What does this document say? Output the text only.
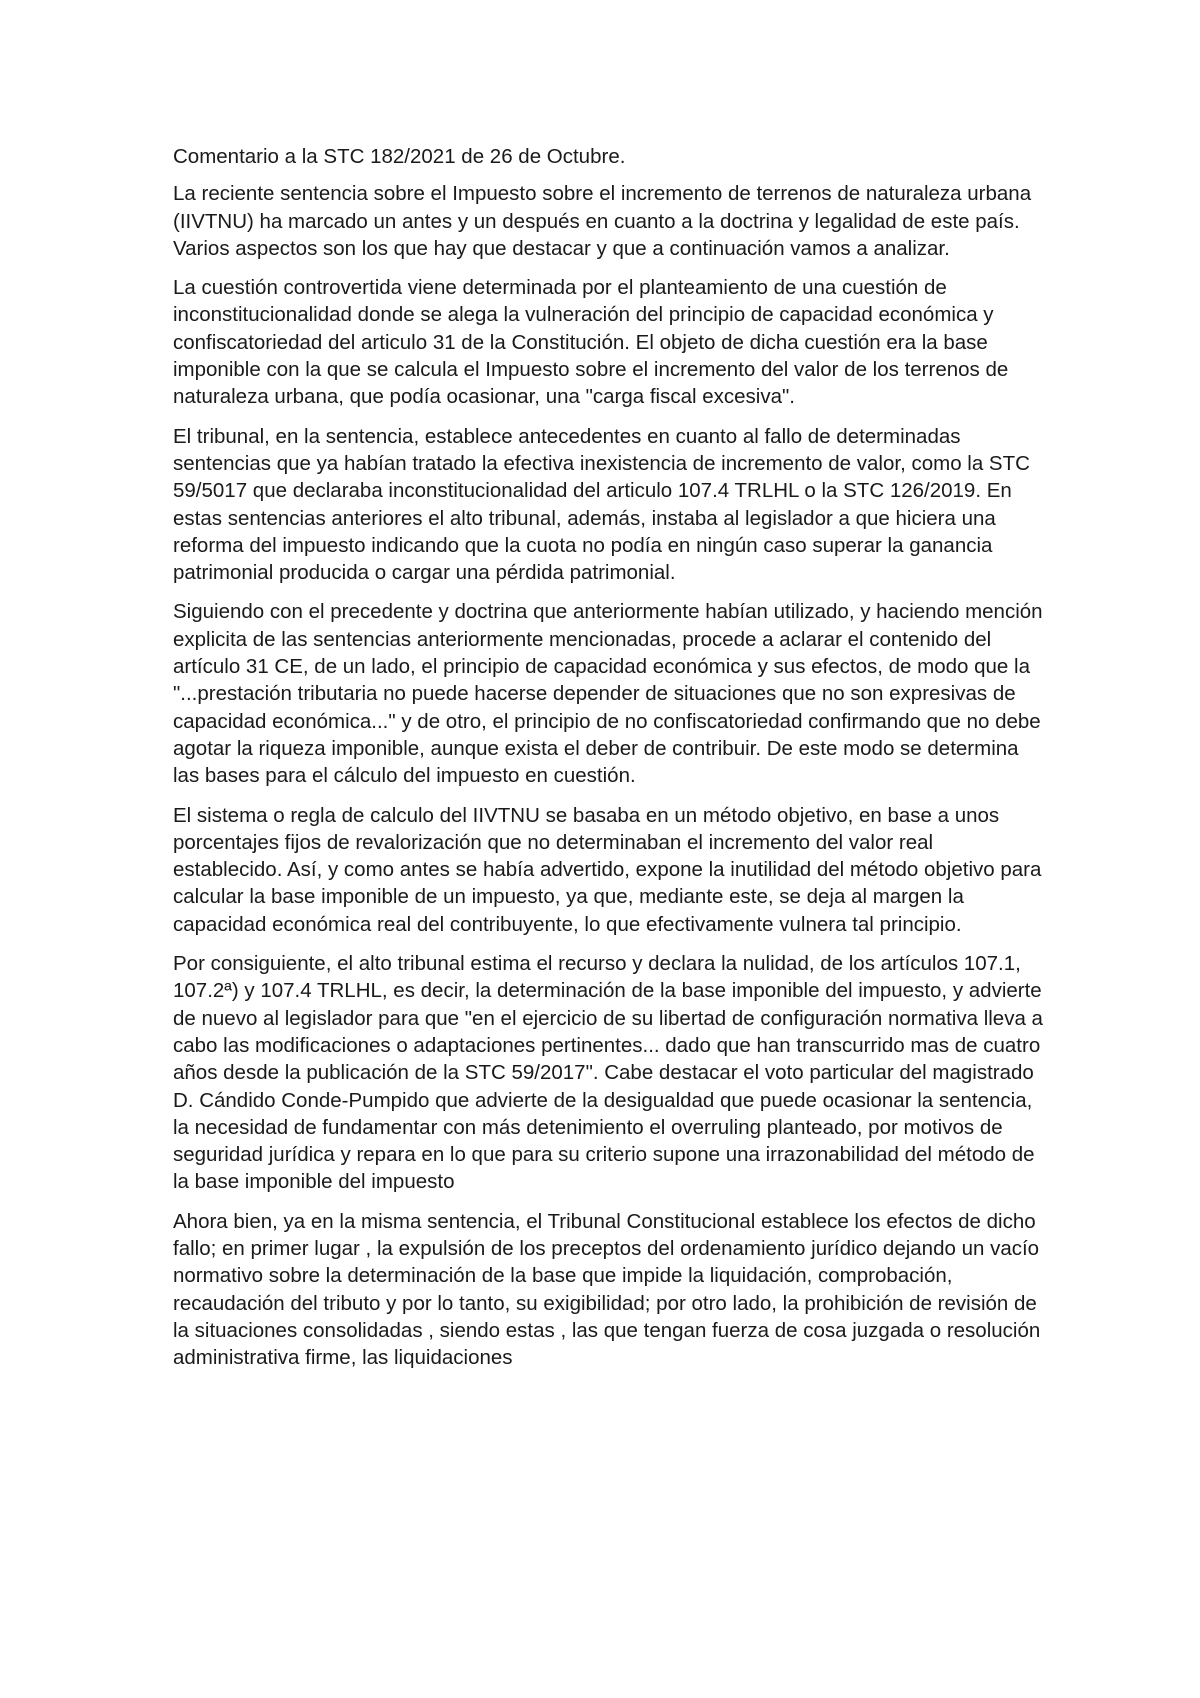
Comentario a la STC 182/2021 de 26 de Octubre.

La reciente sentencia sobre el Impuesto sobre el incremento de terrenos de naturaleza urbana (IIVTNU) ha marcado un antes y un después en cuanto a la doctrina y legalidad de este país. Varios aspectos son los que hay que destacar y que a continuación vamos a analizar.

La cuestión controvertida viene determinada por el planteamiento de una cuestión de inconstitucionalidad donde se alega la vulneración del principio de capacidad económica y confiscatoriedad del articulo 31 de la Constitución. El objeto de dicha cuestión era la base imponible con la que se calcula el Impuesto sobre el incremento del valor de los terrenos de naturaleza urbana, que podía ocasionar, una "carga fiscal excesiva".

El tribunal, en la sentencia, establece antecedentes en cuanto al fallo de determinadas sentencias que ya habían tratado la efectiva inexistencia de incremento de valor, como la STC 59/5017 que declaraba inconstitucionalidad del articulo 107.4 TRLHL o la STC 126/2019. En estas sentencias anteriores el alto tribunal, además, instaba al legislador a que hiciera una reforma del impuesto indicando que la cuota no podía en ningún caso superar la ganancia patrimonial producida o cargar una pérdida patrimonial.

Siguiendo con el precedente y doctrina que anteriormente habían utilizado, y haciendo mención explicita de las sentencias anteriormente mencionadas, procede a aclarar el contenido del artículo 31 CE, de un lado, el principio de capacidad económica y sus efectos, de modo que la "...prestación tributaria no puede hacerse depender de situaciones que no son expresivas de capacidad económica..." y de otro, el principio de no confiscatoriedad confirmando que no debe agotar la riqueza imponible, aunque exista el deber de contribuir. De este modo se determina las bases para el cálculo del impuesto en cuestión.

El sistema o regla de calculo del IIVTNU se basaba en un método objetivo, en base a unos porcentajes fijos de revalorización que no determinaban el incremento del valor real establecido. Así, y como antes se había advertido, expone la inutilidad del método objetivo para calcular la base imponible de un impuesto, ya que, mediante este, se deja al margen la capacidad económica real del contribuyente, lo que efectivamente vulnera tal principio.

Por consiguiente, el alto tribunal estima el recurso y declara la nulidad, de los artículos 107.1, 107.2ª) y 107.4 TRLHL, es decir, la determinación de la base imponible del impuesto, y advierte de nuevo al legislador para que "en el ejercicio de su libertad de configuración normativa lleva a cabo las modificaciones o adaptaciones pertinentes... dado que han transcurrido mas de cuatro años desde la publicación de la STC 59/2017". Cabe destacar el voto particular del magistrado D. Cándido Conde-Pumpido que advierte de la desigualdad que puede ocasionar la sentencia, la necesidad de fundamentar con más detenimiento el overruling planteado, por motivos de seguridad jurídica y repara en lo que para su criterio supone una irrazonabilidad del método de la base imponible del impuesto

Ahora bien, ya en la misma sentencia, el Tribunal Constitucional establece los efectos de dicho fallo; en primer lugar , la expulsión de los preceptos del ordenamiento jurídico dejando un vacío normativo sobre la determinación de la base que impide la liquidación, comprobación, recaudación del tributo y por lo tanto, su exigibilidad; por otro lado, la prohibición de revisión de la situaciones consolidadas , siendo estas , las que tengan fuerza de cosa juzgada o resolución administrativa firme, las liquidaciones
